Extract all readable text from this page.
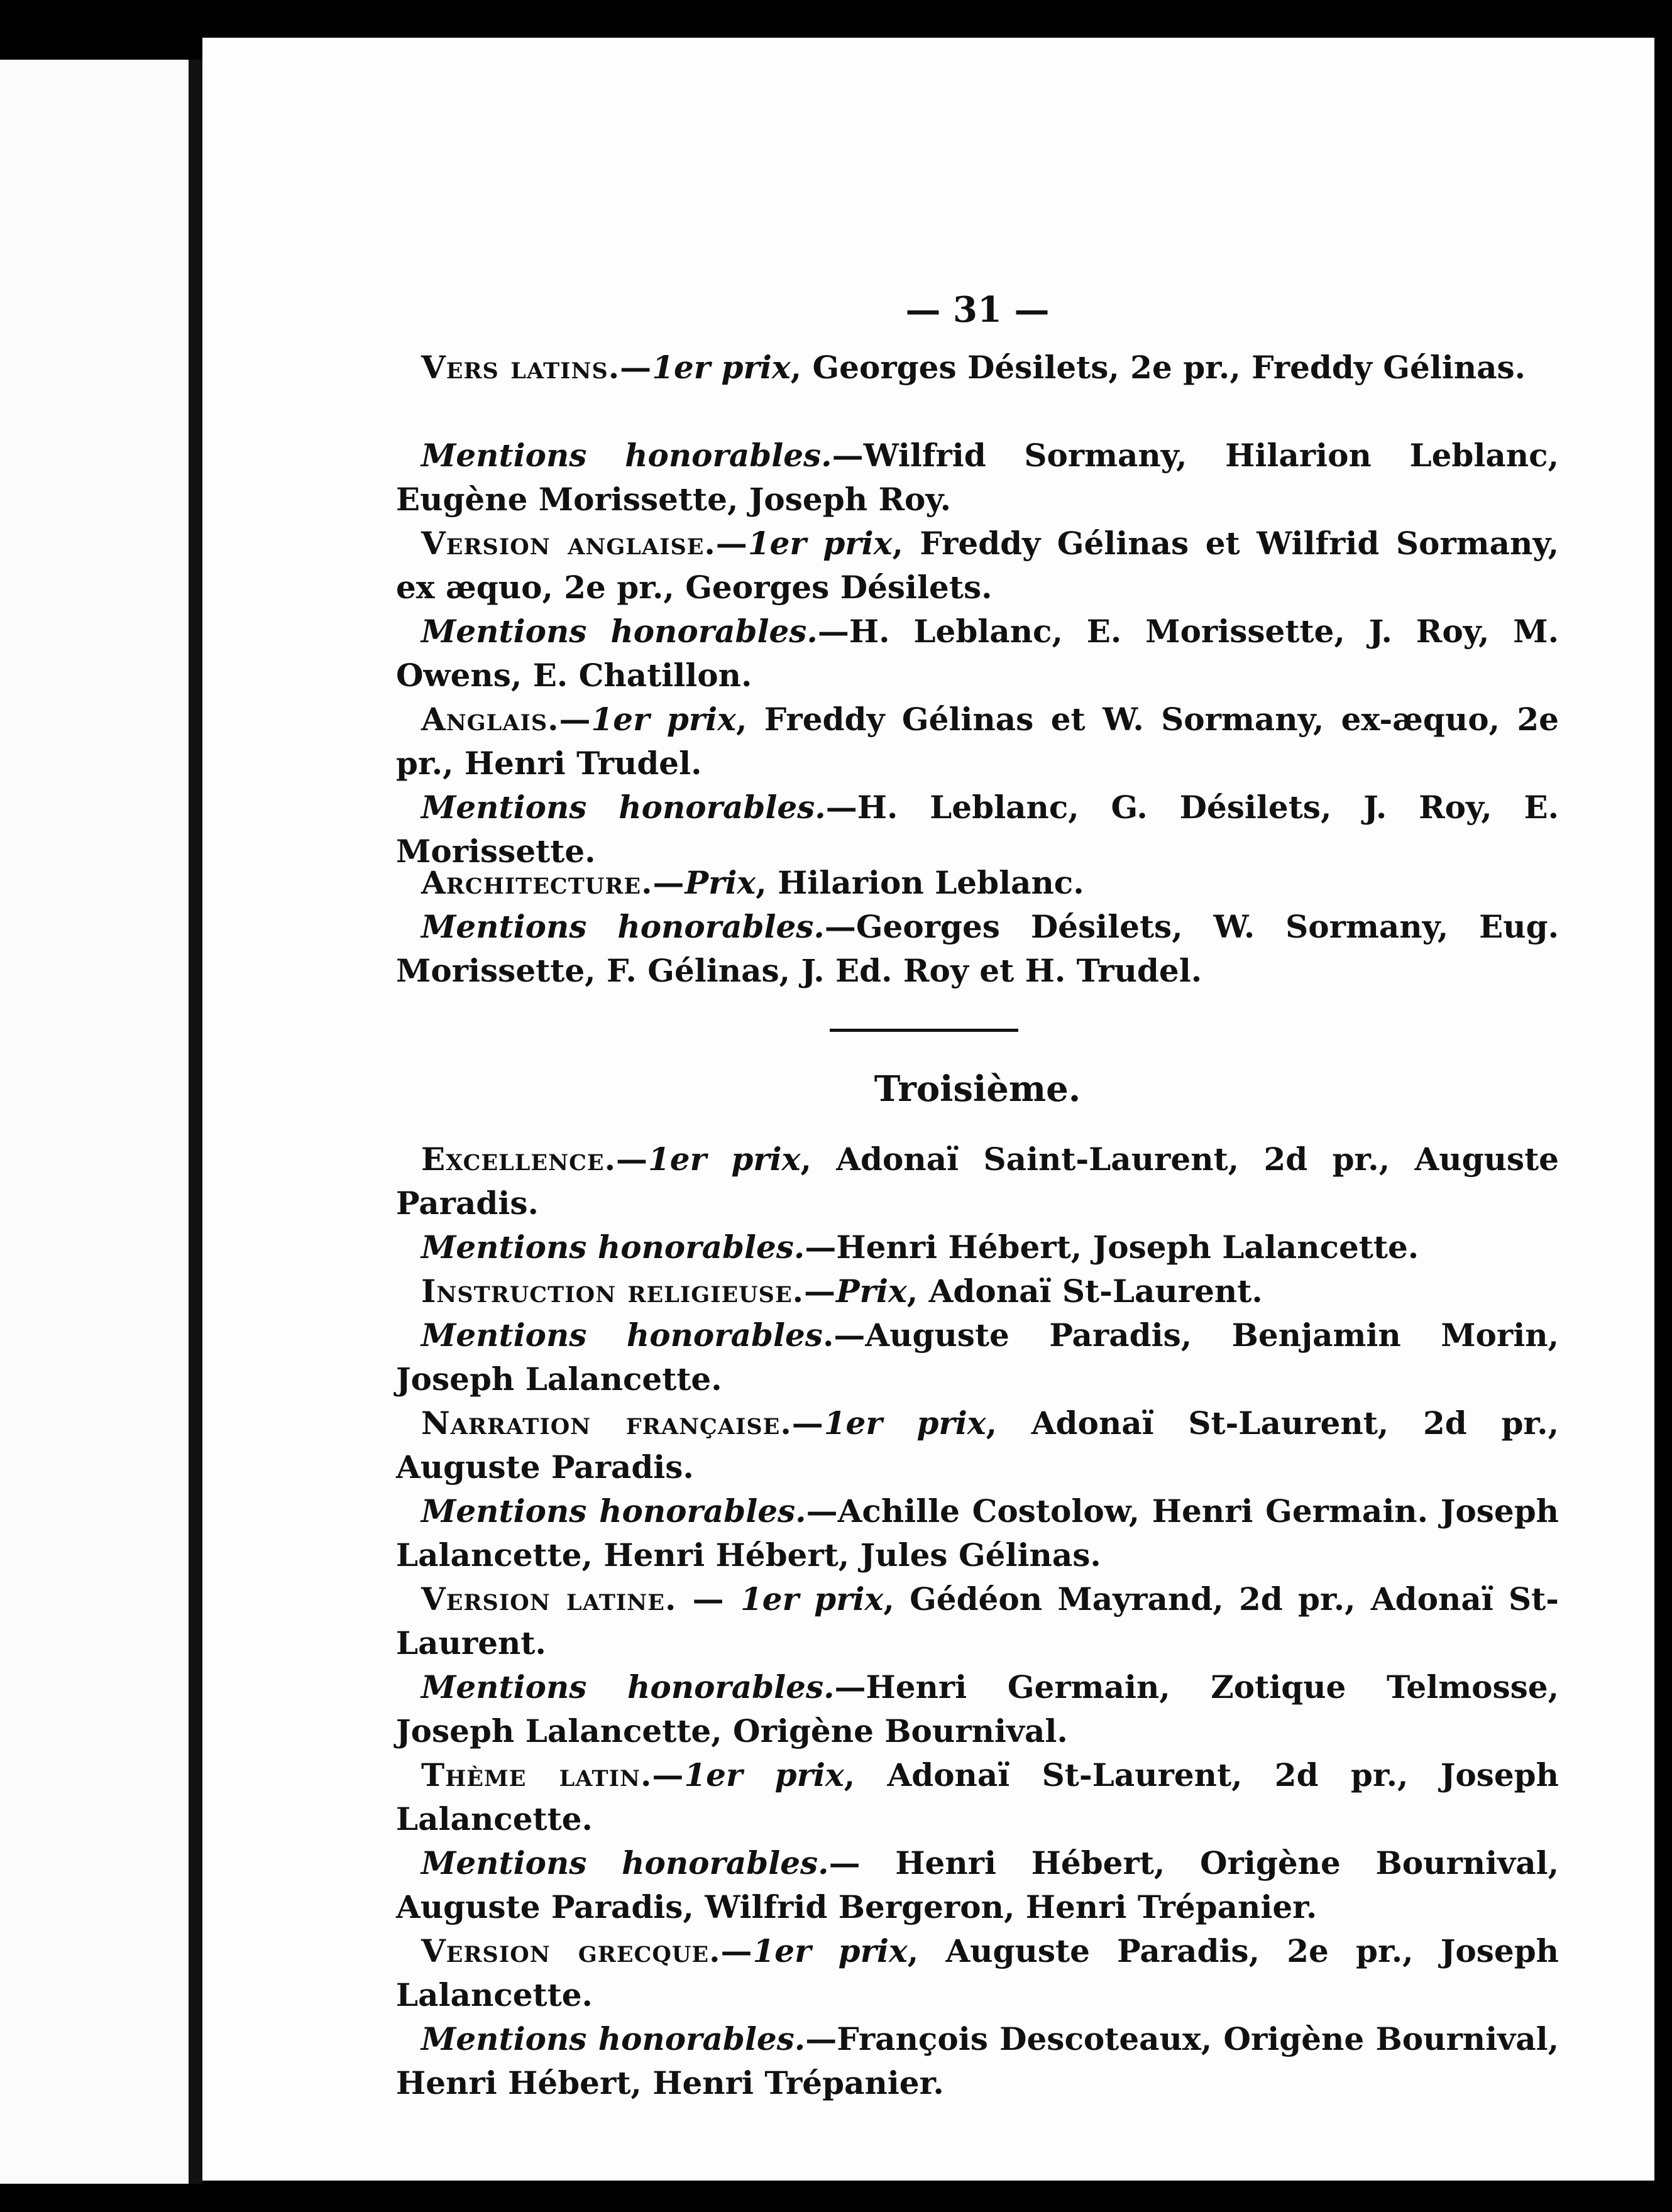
— 31 —

Vers latins.—1er prix, Georges Désilets, 2e pr., Freddy Gélinas.

Mentions honorables.—Wilfrid Sormany, Hilarion Leblanc, Eugène Morissette, Joseph Roy.

Version anglaise.—1er prix, Freddy Gélinas et Wilfrid Sormany, ex æquo, 2e pr., Georges Désilets.

Mentions honorables.—H. Leblanc, E. Morissette, J. Roy, M. Owens, E. Chatillon.

Anglais.—1er prix, Freddy Gélinas et W. Sormany, ex-æquo, 2e pr., Henri Trudel.

Mentions honorables.—H. Leblanc, G. Désilets, J. Roy, E. Morissette.

Architecture.—Prix, Hilarion Leblanc.

Mentions honorables.—Georges Désilets, W. Sormany, Eug. Morissette, F. Gélinas, J. Ed. Roy et H. Trudel.

Troisième.

Excellence.—1er prix, Adonaï Saint-Laurent, 2d pr., Auguste Paradis.

Mentions honorables.—Henri Hébert, Joseph Lalancette.

Instruction religieuse.—Prix, Adonaï St-Laurent.

Mentions honorables.—Auguste Paradis, Benjamin Morin, Joseph Lalancette.

Narration française.—1er prix, Adonaï St-Laurent, 2d pr., Auguste Paradis.

Mentions honorables.—Achille Costolow, Henri Germain. Joseph Lalancette, Henri Hébert, Jules Gélinas.

Version latine. — 1er prix, Gédéon Mayrand, 2d pr., Adonaï St-Laurent.

Mentions honorables.—Henri Germain, Zotique Telmosse, Joseph Lalancette, Origène Bournival.

Thème latin.—1er prix, Adonaï St-Laurent, 2d pr., Joseph Lalancette.

Mentions honorables.— Henri Hébert, Origène Bournival, Auguste Paradis, Wilfrid Bergeron, Henri Trépanier.

Version grecque.—1er prix, Auguste Paradis, 2e pr., Joseph Lalancette.

Mentions honorables.—François Descoteaux, Origène Bournival, Henri Hébert, Henri Trépanier.
